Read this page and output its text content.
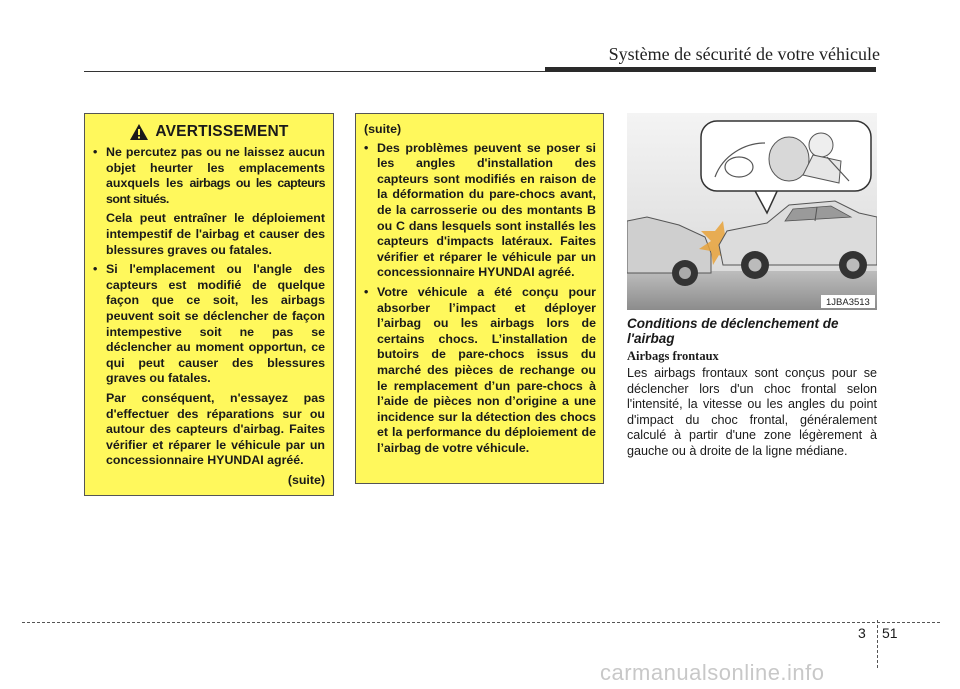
Système de sécurité de votre véhicule
AVERTISSEMENT
• Ne percutez pas ou ne laissez aucun objet heurter les emplacements auxquels les airbags ou les capteurs sont situés.
Cela peut entraîner le déploiement intempestif de l'airbag et causer des blessures graves ou fatales.
• Si l'emplacement ou l'angle des capteurs est modifié de quelque façon que ce soit, les airbags peuvent soit se déclencher de façon intempestive soit ne pas se déclencher au moment opportun, ce qui peut causer des blessures graves ou fatales.
Par conséquent, n'essayez pas d'effectuer des réparations sur ou autour des capteurs d'airbag. Faites vérifier et réparer le véhicule par un concessionnaire HYUNDAI agréé.
(suite)
(suite)
• Des problèmes peuvent se poser si les angles d'installation des capteurs sont modifiés en raison de la déformation du pare-chocs avant, de la carrosserie ou des montants B ou C dans lesquels sont installés les capteurs d'impacts latéraux. Faites vérifier et réparer le véhicule par un concessionnaire HYUNDAI agréé.
• Votre véhicule a été conçu pour absorber l’impact et déployer l’airbag ou les airbags lors de certains chocs. L’installation de butoirs de pare-chocs issus du marché des pièces de rechange ou le remplacement d’un pare-chocs à l’aide de pièces non d’origine a une incidence sur la détection des chocs et la performance du déploiement de l’airbag de votre véhicule.
1JBA3513
Conditions de déclenchement de l'airbag
Airbags frontaux
Les airbags frontaux sont conçus pour se déclencher lors d'un choc frontal selon l'intensité, la vitesse ou les angles du point d'impact du choc frontal, généralement calculé à partir d'une zone légèrement à gauche ou à droite de la ligne médiane.
3 51
carmanualsonline.info
